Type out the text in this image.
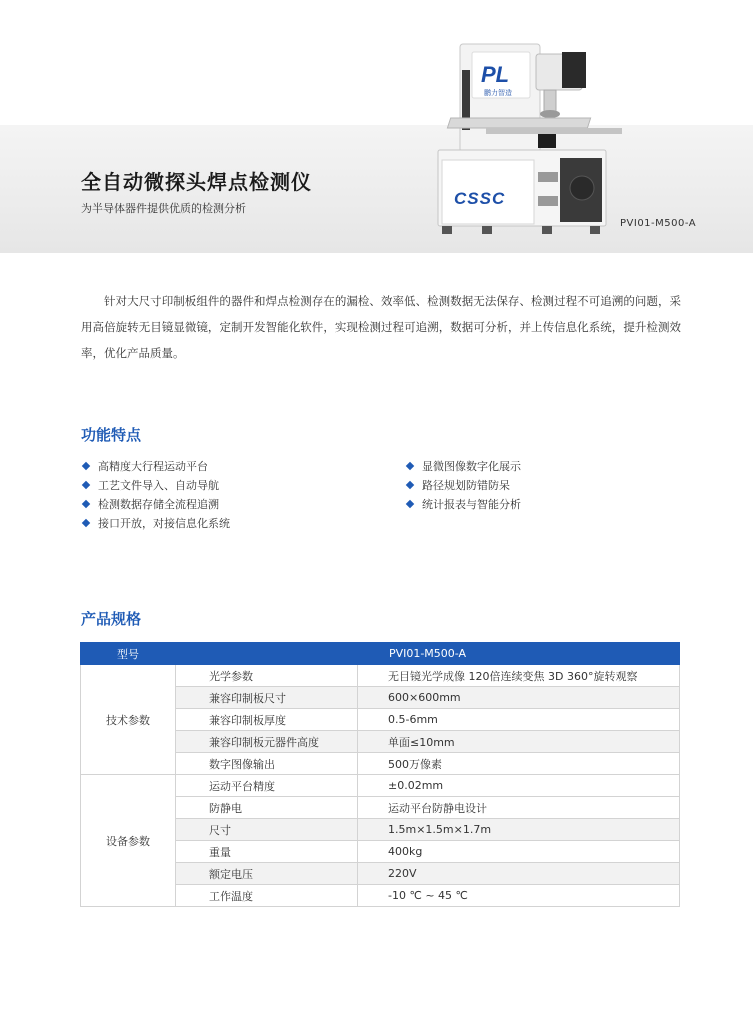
PL
鹏力智造
CSSC
全自动微探头焊点检测仪
为半导体器件提供优质的检测分析
PVI01-M500-A

针对大尺寸印制板组件的器件和焊点检测存在的漏检、效率低、检测数据无法保存、检测过程不可追溯的问题，采用高倍旋转无目镜显微镜，定制开发智能化软件，实现检测过程可追溯，数据可分析，并上传信息化系统，提升检测效率，优化产品质量。

功能特点
高精度大行程运动平台
工艺文件导入、自动导航
检测数据存储全流程追溯
接口开放，对接信息化系统
显微图像数字化展示
路径规划防错防呆
统计报表与智能分析
产品规格
型号	PVI01-M500-A	
技术参数	光学参数	无目镜光学成像 120倍连续变焦 3D 360°旋转观察
	兼容印制板尺寸	600×600mm
	兼容印制板厚度	0.5-6mm
	兼容印制板元器件高度	单面≤10mm
	数字图像输出	500万像素
设备参数	运动平台精度	±0.02mm
	防静电	运动平台防静电设计
	尺寸	1.5m×1.5m×1.7m
	重量	400kg
	额定电压	220V
	工作温度	-10 ℃ ~ 45 ℃
